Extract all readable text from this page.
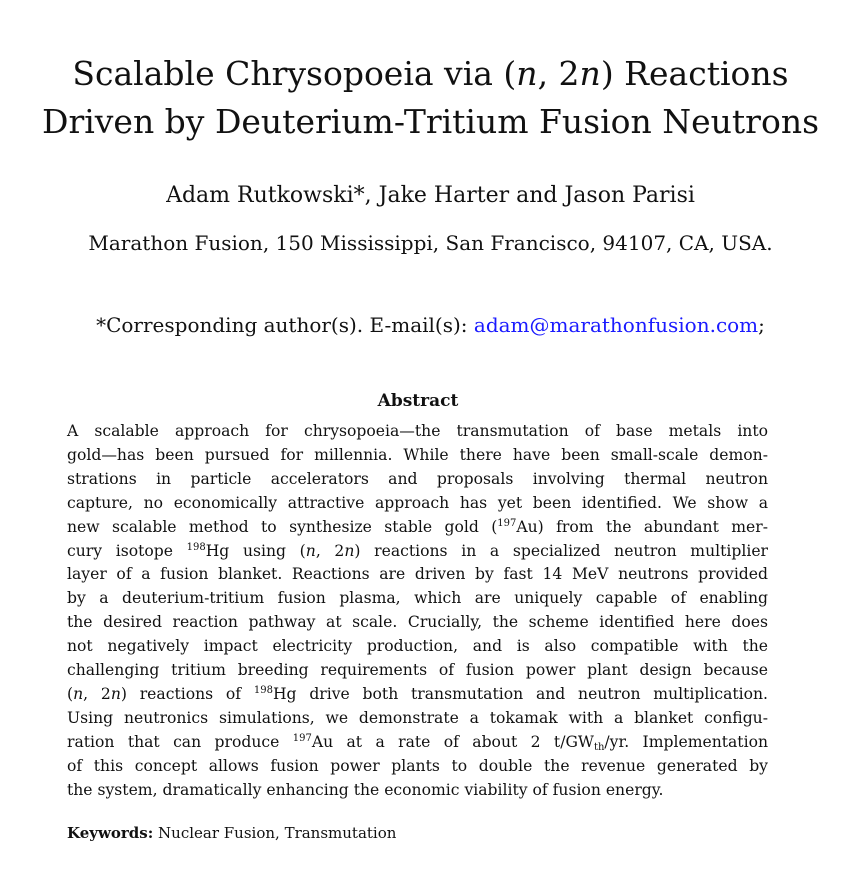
Scalable Chrysopoeia via (n, 2n) Reactions
Driven by Deuterium-Tritium Fusion Neutrons
Adam Rutkowski*, Jake Harter and Jason Parisi
Marathon Fusion, 150 Mississippi, San Francisco, 94107, CA, USA.
*Corresponding author(s). E-mail(s): adam@marathonfusion.com;
Abstract
A scalable approach for chrysopoeia—the transmutation of base metals into
gold—has been pursued for millennia. While there have been small-scale demon-
strations in particle accelerators and proposals involving thermal neutron
capture, no economically attractive approach has yet been identified. We show a
new scalable method to synthesize stable gold ($^{197}$Au) from the abundant mer-
cury isotope $^{198}$Hg using (n, 2n) reactions in a specialized neutron multiplier
layer of a fusion blanket. Reactions are driven by fast 14 MeV neutrons provided
by a deuterium-tritium fusion plasma, which are uniquely capable of enabling
the desired reaction pathway at scale. Crucially, the scheme identified here does
not negatively impact electricity production, and is also compatible with the
challenging tritium breeding requirements of fusion power plant design because
(n, 2n) reactions of $^{198}$Hg drive both transmutation and neutron multiplication.
Using neutronics simulations, we demonstrate a tokamak with a blanket configu-
ration that can produce $^{197}$Au at a rate of about 2 $t/GW_{th}/yr$. Implementation
of this concept allows fusion power plants to double the revenue generated by
the system, dramatically enhancing the economic viability of fusion energy.
Keywords: Nuclear Fusion, Transmutation
